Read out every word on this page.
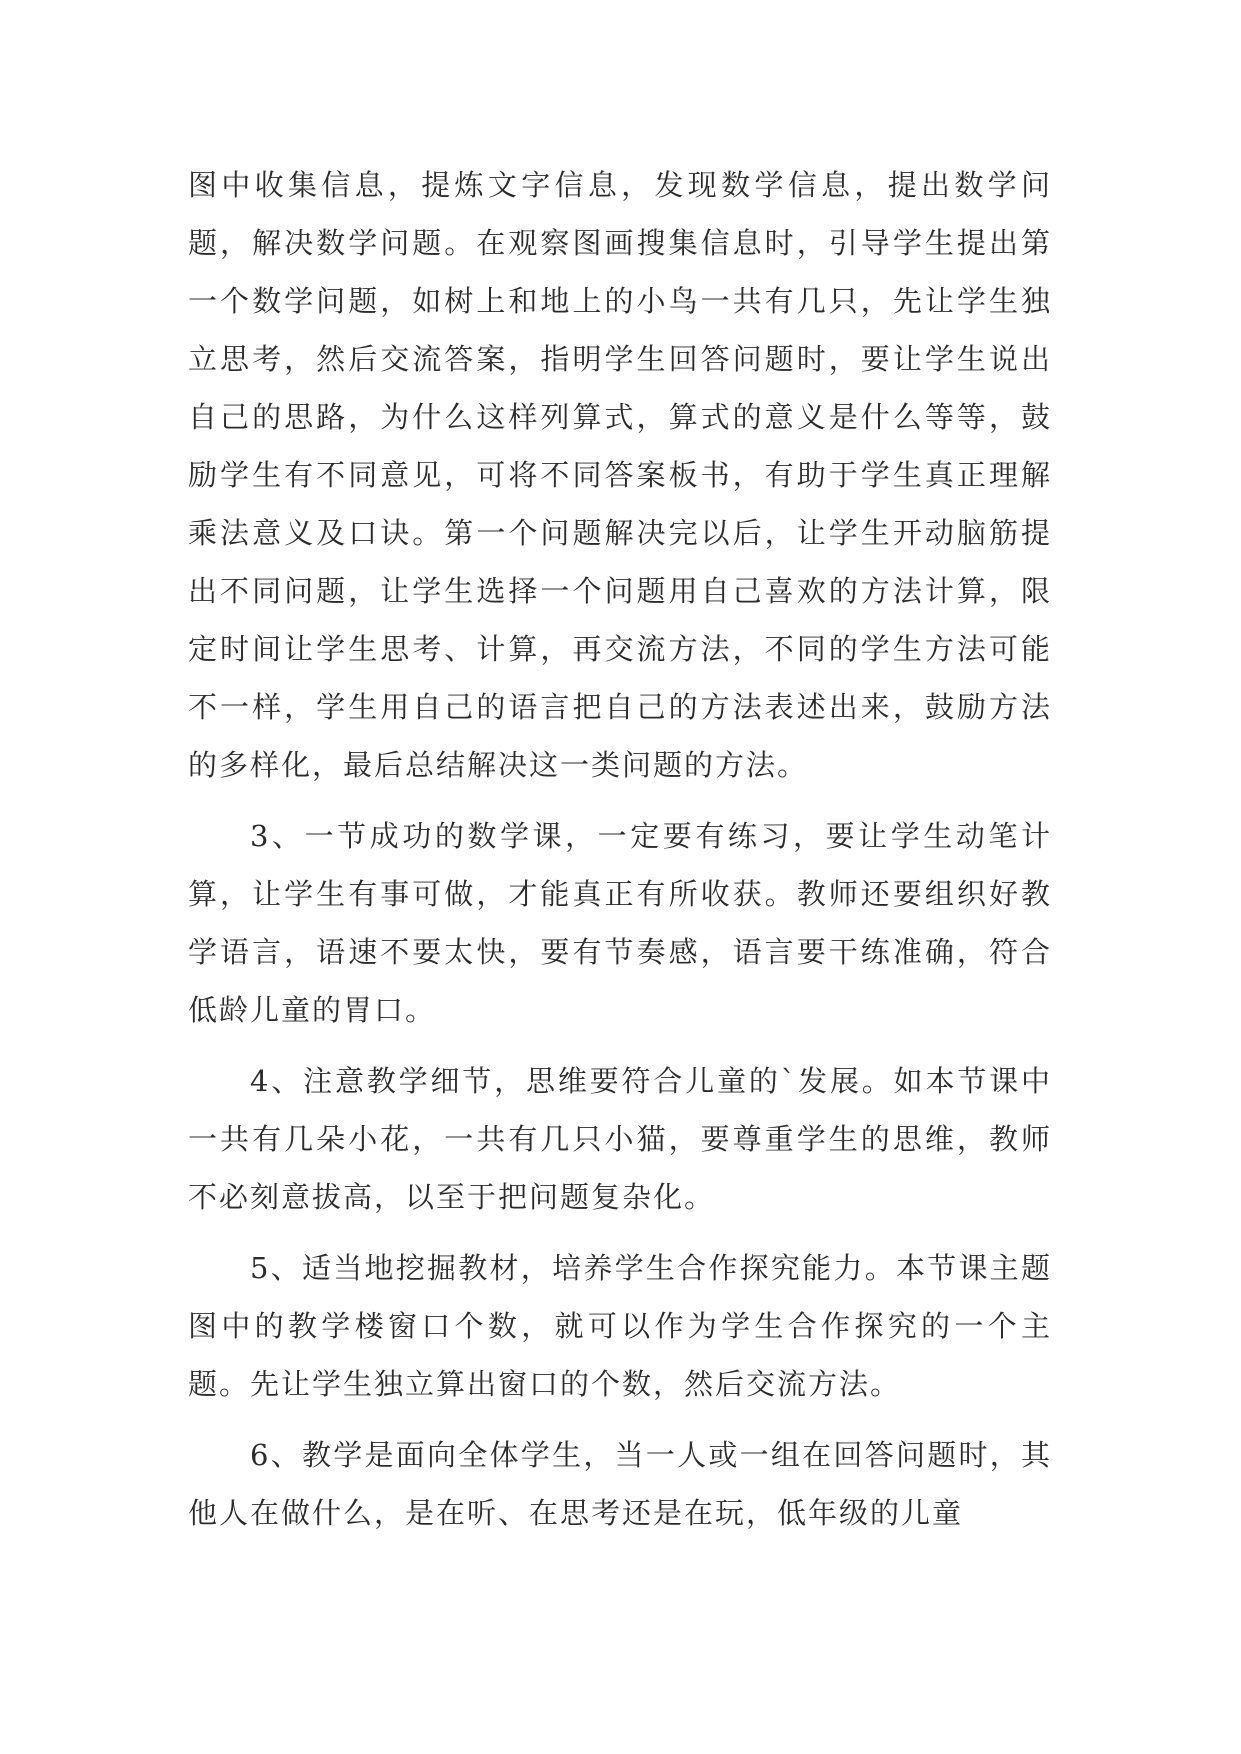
图中收集信息，提炼文字信息，发现数学信息，提出数学问题，解决数学问题。在观察图画搜集信息时，引导学生提出第一个数学问题，如树上和地上的小鸟一共有几只，先让学生独立思考，然后交流答案，指明学生回答问题时，要让学生说出自己的思路，为什么这样列算式，算式的意义是什么等等，鼓励学生有不同意见，可将不同答案板书，有助于学生真正理解乘法意义及口诀。第一个问题解决完以后，让学生开动脑筋提出不同问题，让学生选择一个问题用自己喜欢的方法计算，限定时间让学生思考、计算，再交流方法，不同的学生方法可能不一样，学生用自己的语言把自己的方法表述出来，鼓励方法的多样化，最后总结解决这一类问题的方法。

3、一节成功的数学课，一定要有练习，要让学生动笔计算，让学生有事可做，才能真正有所收获。教师还要组织好教学语言，语速不要太快，要有节奏感，语言要干练准确，符合低龄儿童的胃口。

4、注意教学细节，思维要符合儿童的`发展。如本节课中一共有几朵小花，一共有几只小猫，要尊重学生的思维，教师不必刻意拔高，以至于把问题复杂化。

5、适当地挖掘教材，培养学生合作探究能力。本节课主题图中的教学楼窗口个数，就可以作为学生合作探究的一个主题。先让学生独立算出窗口的个数，然后交流方法。

6、教学是面向全体学生，当一人或一组在回答问题时，其他人在做什么，是在听、在思考还是在玩，低年级的儿童
